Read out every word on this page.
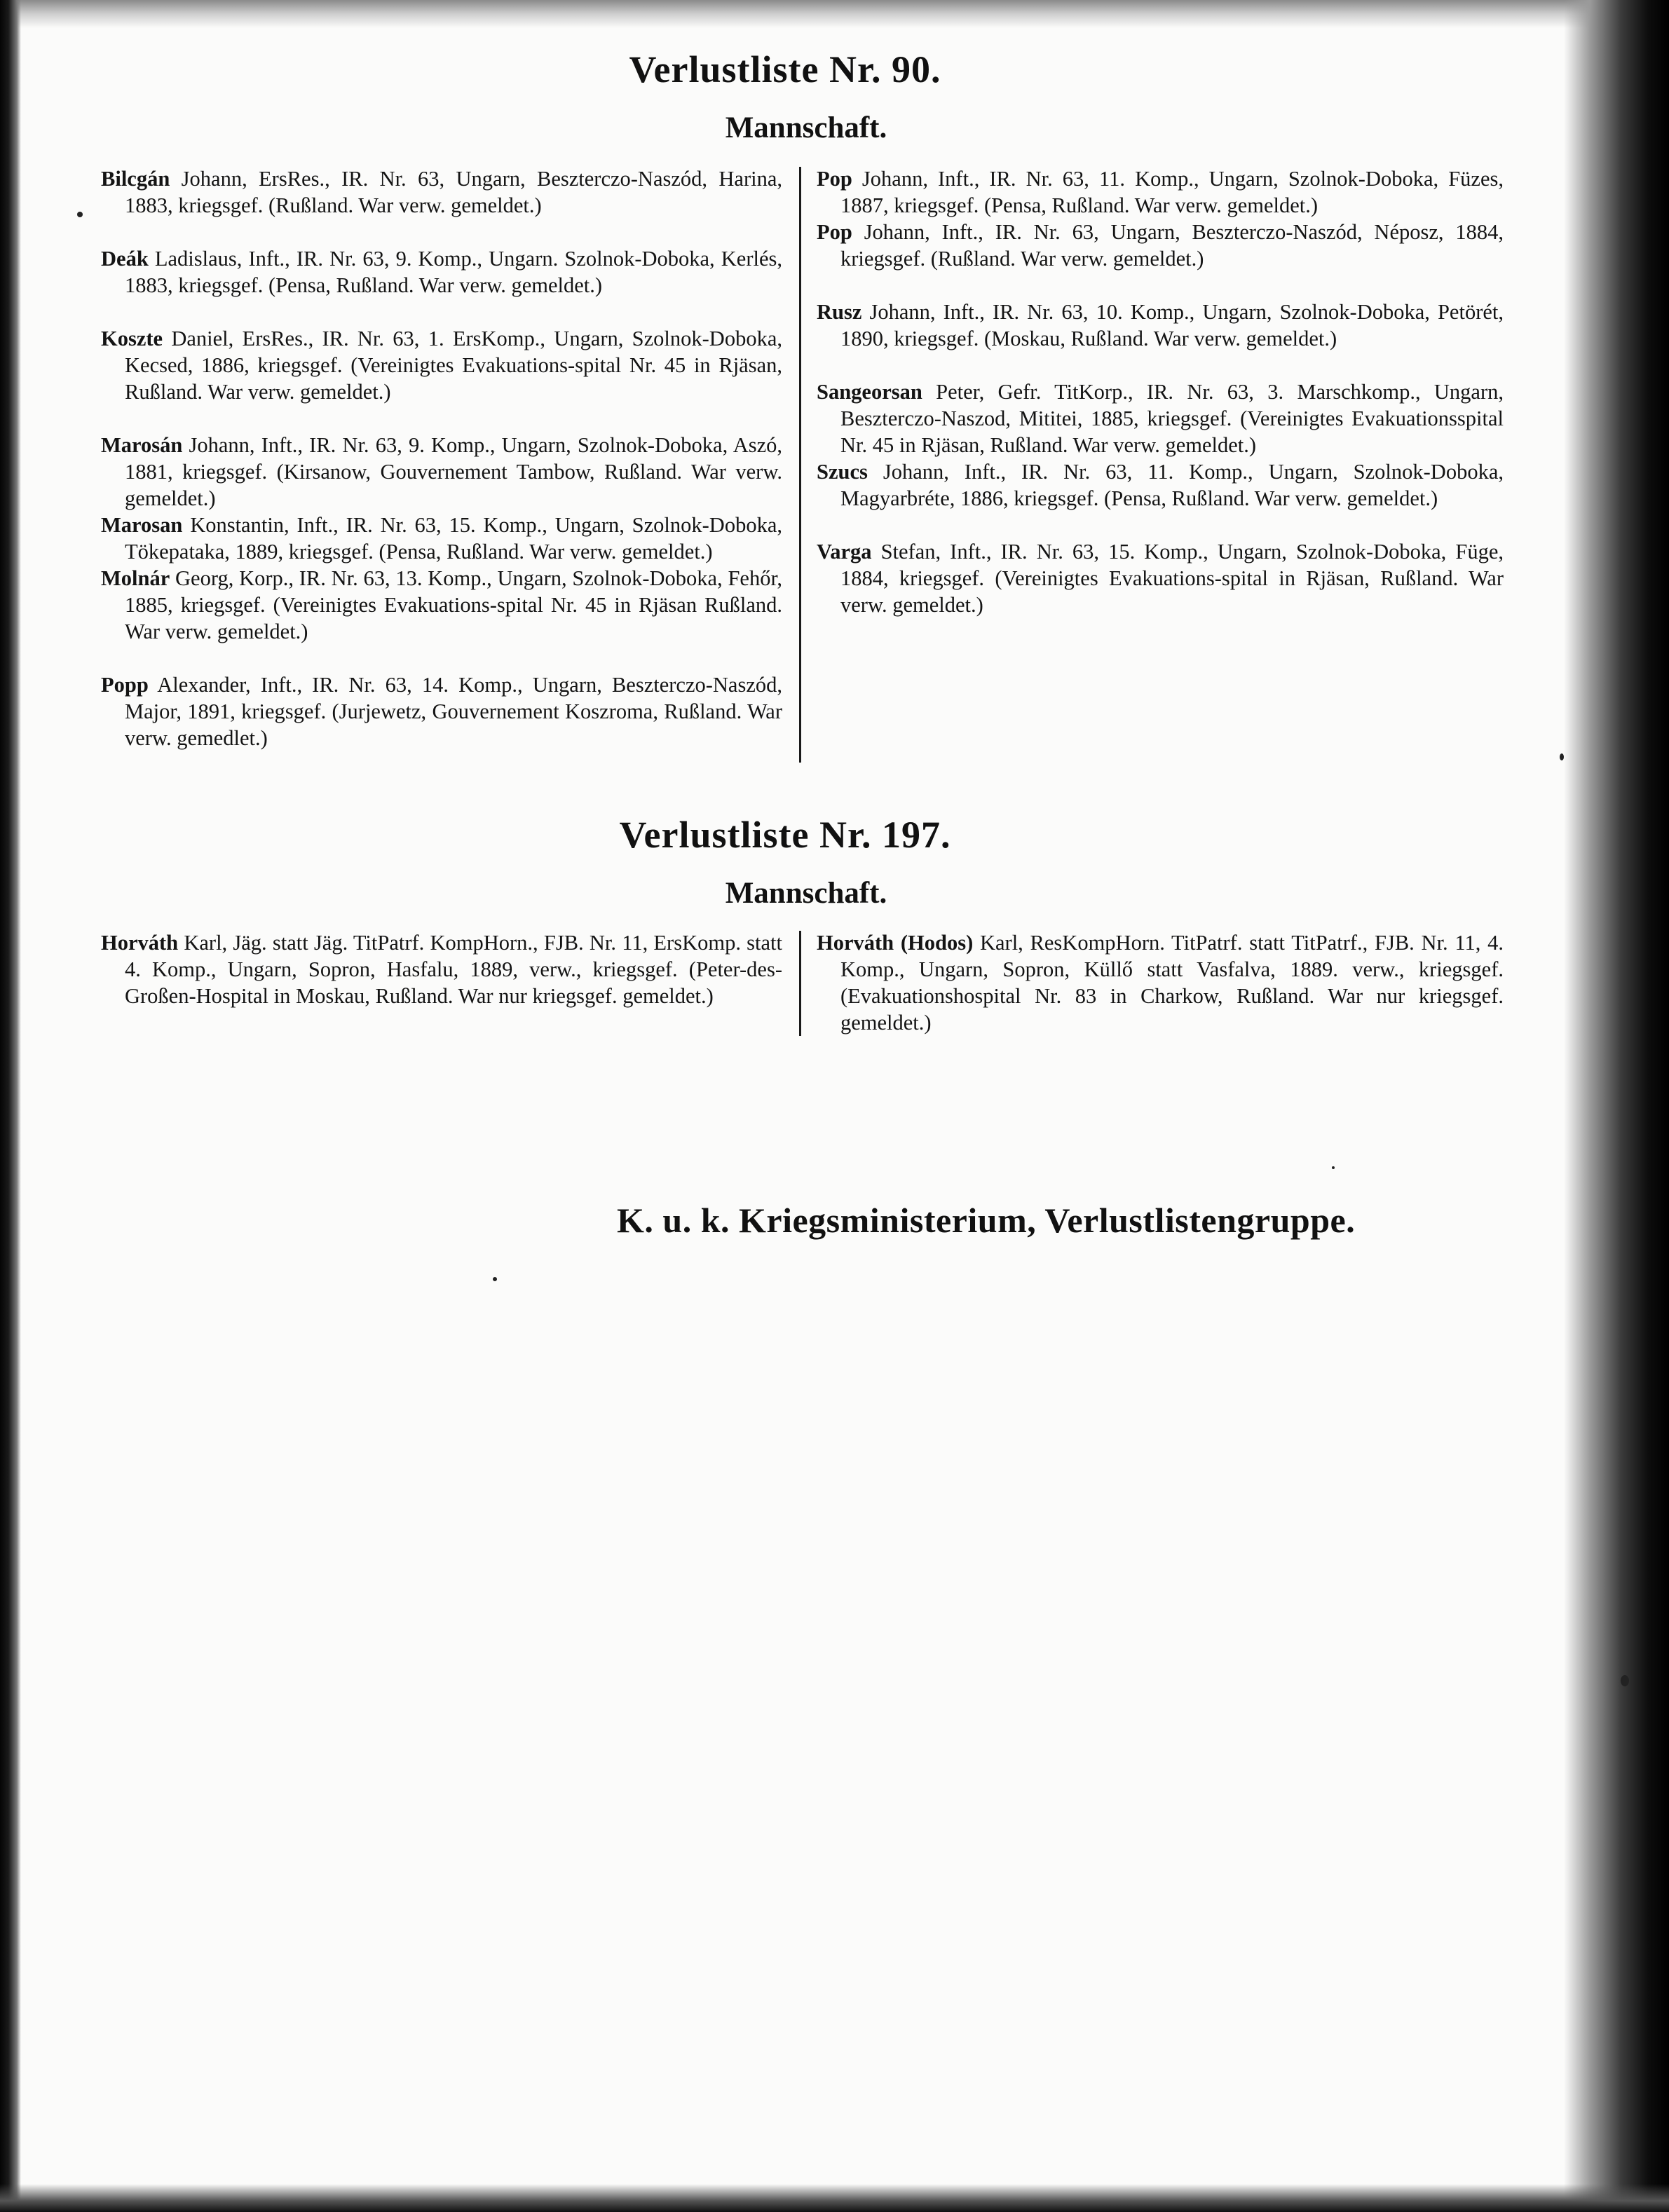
Verlustliste Nr. 90.
Mannschaft.

Bilcgán Johann, ErsRes., IR. Nr. 63, Ungarn, Beszterczo-Naszód, Harina, 1883, kriegsgef. (Rußland. War verw. gemeldet.)

Deák Ladislaus, Inft., IR. Nr. 63, 9. Komp., Ungarn. Szolnok-Doboka, Kerlés, 1883, kriegsgef. (Pensa, Rußland. War verw. gemeldet.)

Koszte Daniel, ErsRes., IR. Nr. 63, 1. ErsKomp., Ungarn, Szolnok-Doboka, Kecsed, 1886, kriegsgef. (Vereinigtes Evakuations-spital Nr. 45 in Rjäsan, Rußland. War verw. gemeldet.)

Marosán Johann, Inft., IR. Nr. 63, 9. Komp., Ungarn, Szolnok-Doboka, Aszó, 1881, kriegsgef. (Kirsanow, Gouvernement Tambow, Rußland. War verw. gemeldet.)

Marosan Konstantin, Inft., IR. Nr. 63, 15. Komp., Ungarn, Szolnok-Doboka, Tökepataka, 1889, kriegsgef. (Pensa, Rußland. War verw. gemeldet.)

Molnár Georg, Korp., IR. Nr. 63, 13. Komp., Ungarn, Szolnok-Doboka, Fehőr, 1885, kriegsgef. (Vereinigtes Evakuations-spital Nr. 45 in Rjäsan Rußland. War verw. gemeldet.)

Popp Alexander, Inft., IR. Nr. 63, 14. Komp., Ungarn, Beszterczo-Naszód, Major, 1891, kriegsgef. (Jurjewetz, Gouvernement Koszroma, Rußland. War verw. gemedlet.)

Pop Johann, Inft., IR. Nr. 63, 11. Komp., Ungarn, Szolnok-Doboka, Füzes, 1887, kriegsgef. (Pensa, Rußland. War verw. gemeldet.)

Pop Johann, Inft., IR. Nr. 63, Ungarn, Beszterczo-Naszód, Néposz, 1884, kriegsgef. (Rußland. War verw. gemeldet.)

Rusz Johann, Inft., IR. Nr. 63, 10. Komp., Ungarn, Szolnok-Doboka, Petörét, 1890, kriegsgef. (Moskau, Rußland. War verw. gemeldet.)

Sangeorsan Peter, Gefr. TitKorp., IR. Nr. 63, 3. Marschkomp., Ungarn, Beszterczo-Naszod, Mititei, 1885, kriegsgef. (Vereinigtes Evakuationsspital Nr. 45 in Rjäsan, Rußland. War verw. gemeldet.)

Szucs Johann, Inft., IR. Nr. 63, 11. Komp., Ungarn, Szolnok-Doboka, Magyarbréte, 1886, kriegsgef. (Pensa, Rußland. War verw. gemeldet.)

Varga Stefan, Inft., IR. Nr. 63, 15. Komp., Ungarn, Szolnok-Doboka, Füge, 1884, kriegsgef. (Vereinigtes Evakuations-spital in Rjäsan, Rußland. War verw. gemeldet.)

Verlustliste Nr. 197.
Mannschaft.

Horváth Karl, Jäg. statt Jäg. TitPatrf. KompHorn., FJB. Nr. 11, ErsKomp. statt 4. Komp., Ungarn, Sopron, Hasfalu, 1889, verw., kriegsgef. (Peter-des-Großen-Hospital in Moskau, Rußland. War nur kriegsgef. gemeldet.)

Horváth (Hodos) Karl, ResKompHorn. TitPatrf. statt TitPatrf., FJB. Nr. 11, 4. Komp., Ungarn, Sopron, Küllő statt Vasfalva, 1889. verw., kriegsgef. (Evakuationshospital Nr. 83 in Charkow, Rußland. War nur kriegsgef. gemeldet.)

K. u. k. Kriegsministerium, Verlustlistengruppe.
